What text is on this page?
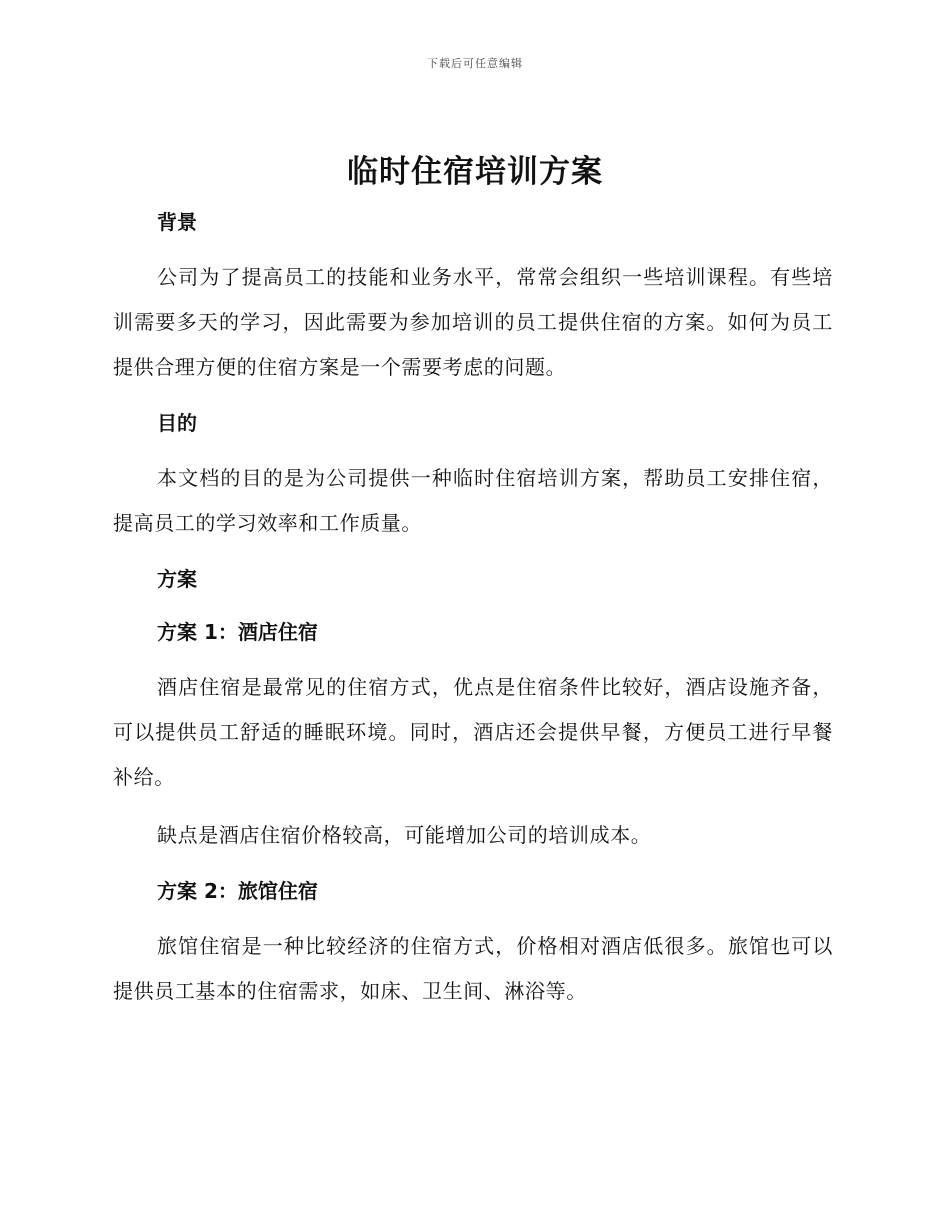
下载后可任意编辑
临时住宿培训方案
背景

公司为了提高员工的技能和业务水平，常常会组织一些培训课程。有些培训需要多天的学习，因此需要为参加培训的员工提供住宿的方案。如何为员工提供合理方便的住宿方案是一个需要考虑的问题。

目的

本文档的目的是为公司提供一种临时住宿培训方案，帮助员工安排住宿，提高员工的学习效率和工作质量。

方案
方案 1：酒店住宿

酒店住宿是最常见的住宿方式，优点是住宿条件比较好，酒店设施齐备，可以提供员工舒适的睡眠环境。同时，酒店还会提供早餐，方便员工进行早餐补给。

缺点是酒店住宿价格较高，可能增加公司的培训成本。

方案 2：旅馆住宿

旅馆住宿是一种比较经济的住宿方式，价格相对酒店低很多。旅馆也可以提供员工基本的住宿需求，如床、卫生间、淋浴等。
